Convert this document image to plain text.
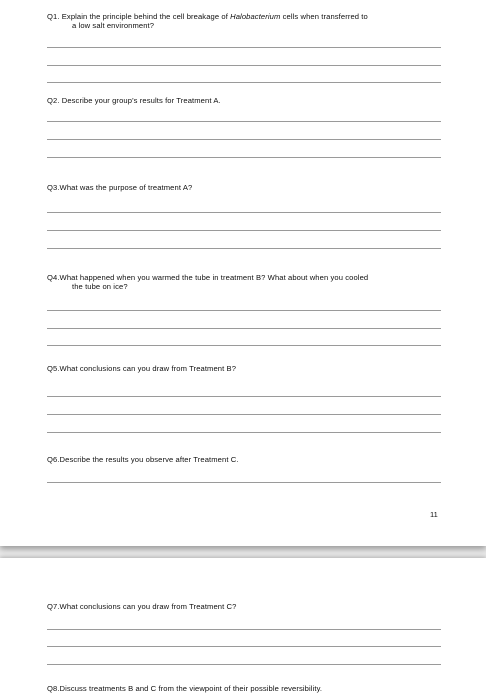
Q1. Explain the principle behind the cell breakage of Halobacterium cells when transferred to
a low salt environment?
Q2. Describe your group’s results for Treatment A.
Q3.What was the purpose of treatment A?
Q4.What happened when you warmed the tube in treatment B? What about when you cooled
the tube on ice?
Q5.What conclusions can you draw from Treatment B?
Q6.Describe the results you observe after Treatment C.
11
Q7.What conclusions can you draw from Treatment C?
Q8.Discuss treatments B and C from the viewpoint of their possible reversibility.
